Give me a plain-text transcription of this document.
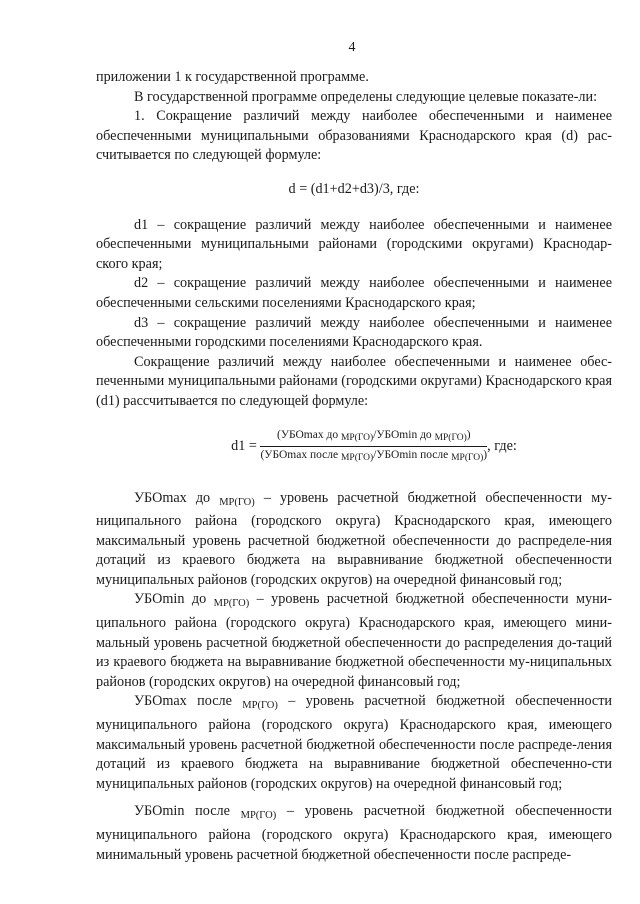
4

приложении 1 к государственной программе.

В государственной программе определены следующие целевые показате-ли:

1. Сокращение различий между наиболее обеспеченными и наименее обеспеченными муниципальными образованиями Краснодарского края (d) рас-считывается по следующей формуле:

d = (d1+d2+d3)/3, где:

d1 – сокращение различий между наиболее обеспеченными и наименее обеспеченными муниципальными районами (городскими округами) Краснодар-ского края;

d2 – сокращение различий между наиболее обеспеченными и наименее обеспеченными сельскими поселениями Краснодарского края;

d3 – сокращение различий между наиболее обеспеченными и наименее обеспеченными городскими поселениями Краснодарского края.

Сокращение различий между наиболее обеспеченными и наименее обес-печенными муниципальными районами (городскими округами) Краснодарского края (d1) рассчитывается по следующей формуле:

$d1 = \frac{\text{(УБОmax до МР(ГО)/УБОmin до МР(ГО))}}{\text{(УБОmax после МР(ГО)/УБОmin после МР(ГО))}}$ , где:

УБОmax до $_{МР(ГО)}$ – уровень расчетной бюджетной обеспеченности му-ниципального района (городского округа) Краснодарского края, имеющего максимальный уровень расчетной бюджетной обеспеченности до распределе-ния дотаций из краевого бюджета на выравнивание бюджетной обеспеченности муниципальных районов (городских округов) на очередной финансовый год;

УБОmin до $_{МР(ГО)}$ – уровень расчетной бюджетной обеспеченности муни-ципального района (городского округа) Краснодарского края, имеющего мини-мальный уровень расчетной бюджетной обеспеченности до распределения до-таций из краевого бюджета на выравнивание бюджетной обеспеченности му-ниципальных районов (городских округов) на очередной финансовый год;

УБОmax после $_{МР(ГО)}$ – уровень расчетной бюджетной обеспеченности муниципального района (городского округа) Краснодарского края, имеющего максимальный уровень расчетной бюджетной обеспеченности после распреде-ления дотаций из краевого бюджета на выравнивание бюджетной обеспеченно-сти муниципальных районов (городских округов) на очередной финансовый год;

УБОmin после $_{МР(ГО)}$ – уровень расчетной бюджетной обеспеченности муниципального района (городского округа) Краснодарского края, имеющего минимальный уровень расчетной бюджетной обеспеченности после распреде-
